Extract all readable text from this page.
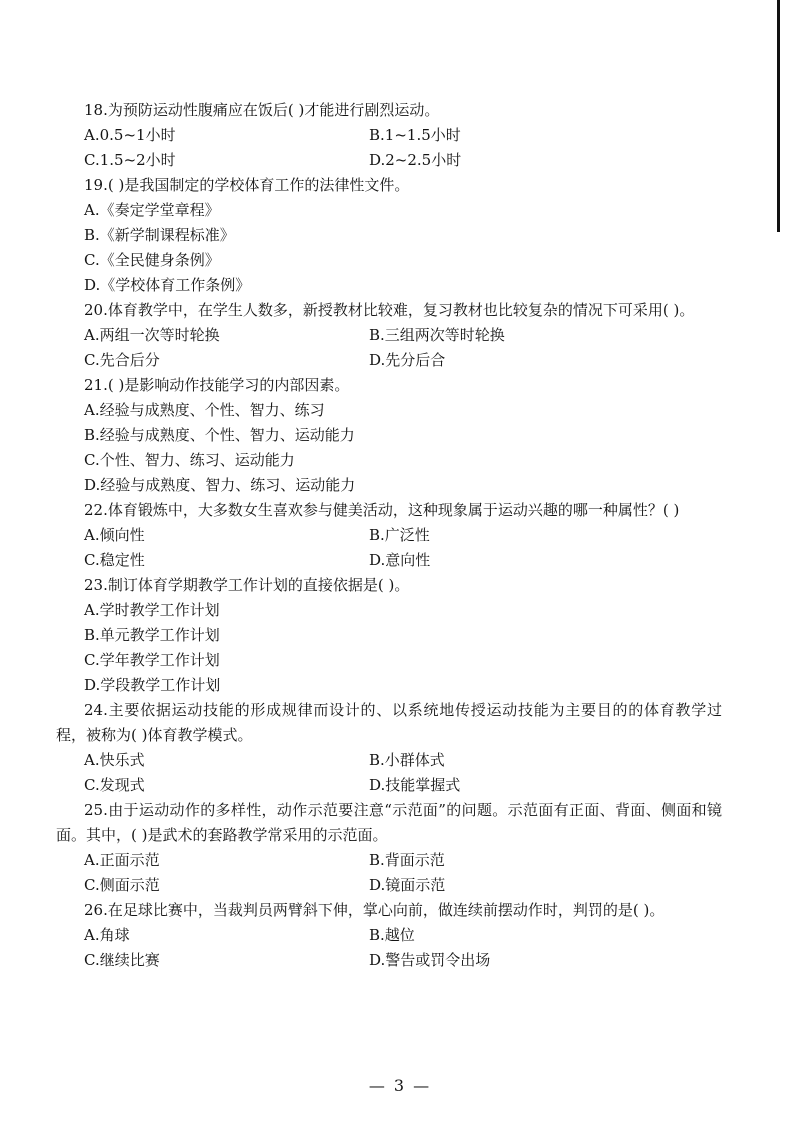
18.为预防运动性腹痛应在饭后( )才能进行剧烈运动。

A.0.5~1小时	B.1~1.5小时
C.1.5~2小时	D.2~2.5小时

19.( )是我国制定的学校体育工作的法律性文件。

A.《奏定学堂章程》
B.《新学制课程标准》
C.《全民健身条例》
D.《学校体育工作条例》

20.体育教学中，在学生人数多，新授教材比较难，复习教材也比较复杂的情况下可采用( )。

A.两组一次等时轮换	B.三组两次等时轮换
C.先合后分	D.先分后合

21.( )是影响动作技能学习的内部因素。

A.经验与成熟度、个性、智力、练习
B.经验与成熟度、个性、智力、运动能力
C.个性、智力、练习、运动能力
D.经验与成熟度、智力、练习、运动能力

22.体育锻炼中，大多数女生喜欢参与健美活动，这种现象属于运动兴趣的哪一种属性？( )

A.倾向性	B.广泛性
C.稳定性	D.意向性

23.制订体育学期教学工作计划的直接依据是( )。

A.学时教学工作计划
B.单元教学工作计划
C.学年教学工作计划
D.学段教学工作计划

24.主要依据运动技能的形成规律而设计的、以系统地传授运动技能为主要目的的体育教学过程，被称为( )体育教学模式。

A.快乐式	B.小群体式
C.发现式	D.技能掌握式

25.由于运动动作的多样性，动作示范要注意“示范面”的问题。示范面有正面、背面、侧面和镜面。其中，( )是武术的套路教学常采用的示范面。

A.正面示范	B.背面示范
C.侧面示范	D.镜面示范

26.在足球比赛中，当裁判员两臂斜下伸，掌心向前，做连续前摆动作时，判罚的是( )。

A.角球	B.越位
C.继续比赛	D.警告或罚令出场
— 3 —
